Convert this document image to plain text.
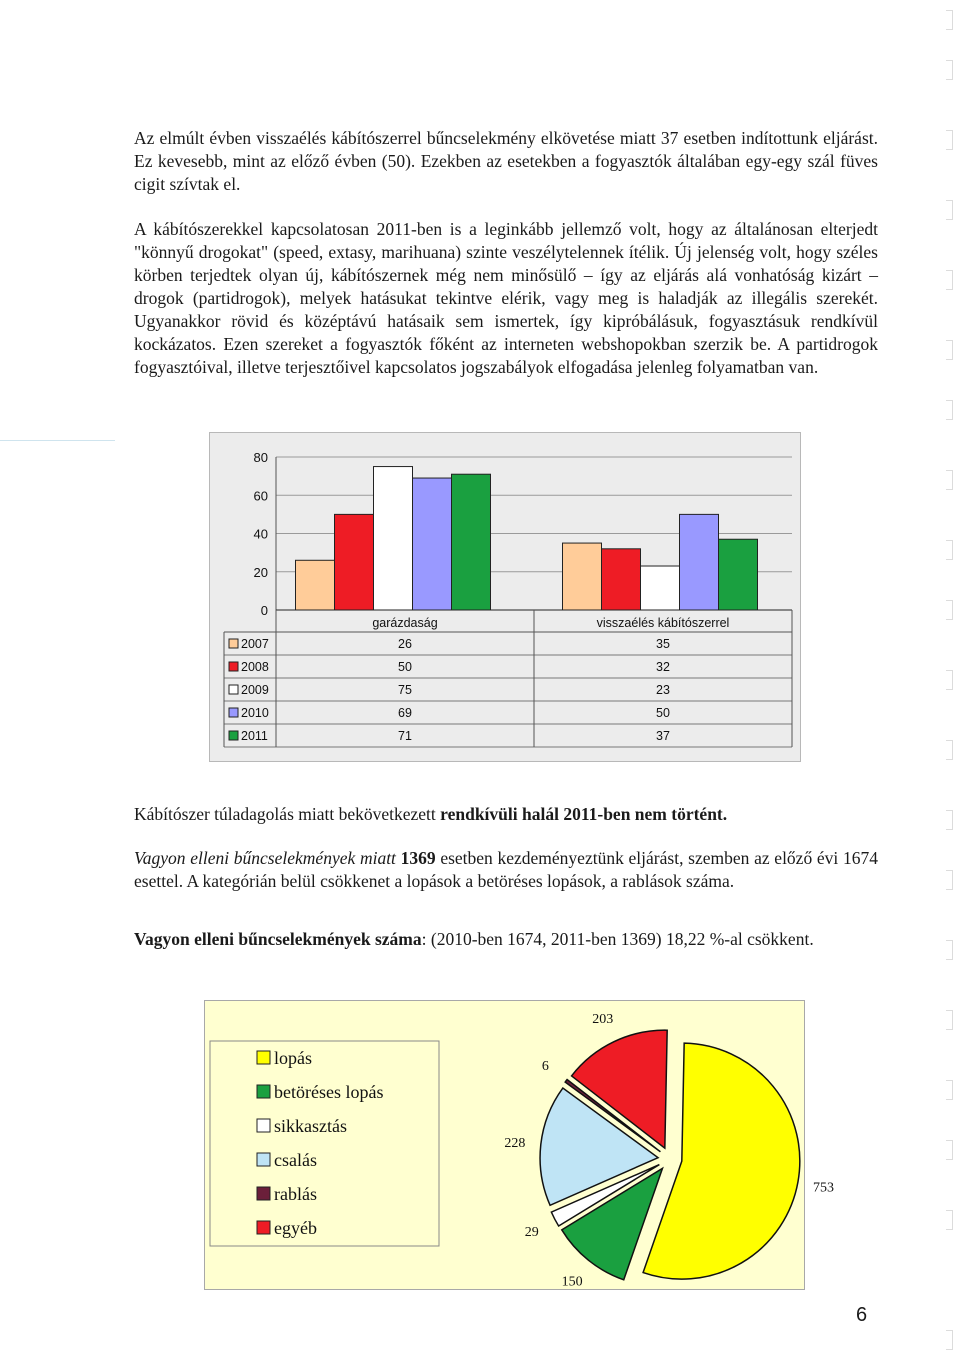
Az elmúlt évben visszaélés kábítószerrel bűncselekmény elkövetése miatt 37 esetben indítottunk eljárást. Ez kevesebb, mint az előző évben (50). Ezekben az esetekben a fogyasztók általában egy-egy szál füves cigit szívtak el.

A kábítószerekkel kapcsolatosan 2011-ben is a leginkább jellemző volt, hogy az általánosan elterjedt "könnyű drogokat" (speed, extasy, marihuana) szinte veszélytelennek ítélik. Új jelenség volt, hogy széles körben terjedtek olyan új, kábítószernek még nem minősülő – így az eljárás alá vonhatóság kizárt – drogok (partidrogok), melyek hatásukat tekintve elérik, vagy meg is haladják az illegális szerekét. Ugyanakkor rövid és középtávú hatásaik sem ismertek, így kipróbálásuk, fogyasztásuk rendkívül kockázatos. Ezen szereket a fogyasztók főként az interneten webshopokban szerzik be. A partidrogok fogyasztóival, illetve terjesztőivel kapcsolatos jogszabályok elfogadása jelenleg folyamatban van.

80
60
40
20
0
garázdaság	visszaélés kábítószerrel
2007	26	35
2008	50	32
2009	75	23
2010	69	50
2011	71	37

Kábítószer túladagolás miatt bekövetkezett rendkívüli halál 2011-ben nem történt.

Vagyon elleni bűncselekmények miatt 1369 esetben kezdeményeztünk eljárást, szemben az előző évi 1674 esettel. A kategórián belül csökkenet a lopások a betöréses lopások, a rablások száma.

Vagyon elleni bűncselekmények száma: (2010-ben 1674, 2011-ben 1369) 18,22 %-al csökkent.

lopás
betöréses lopás
sikkasztás
csalás
rablás
egyéb
753
150
29
228
6
203
6
